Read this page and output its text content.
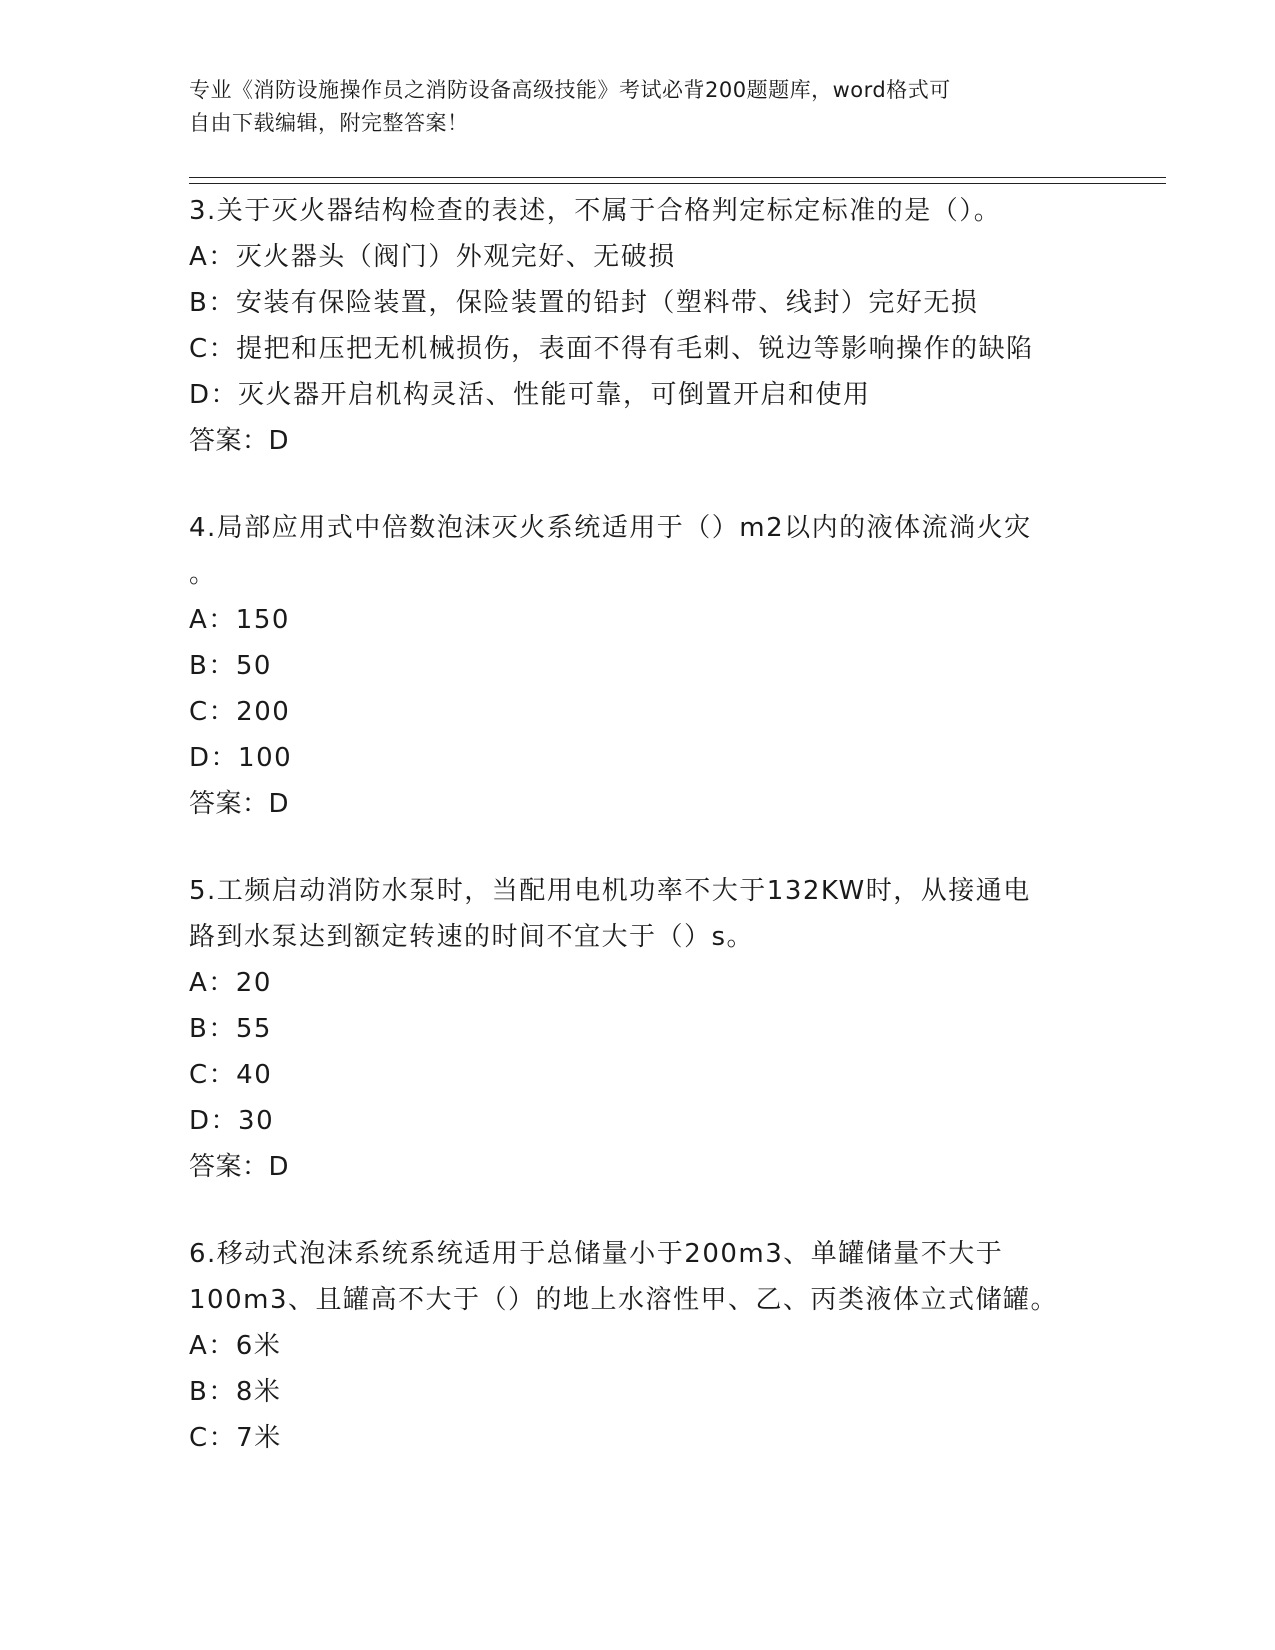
专业《消防设施操作员之消防设备高级技能》考试必背200题题库，word格式可
自由下载编辑，附完整答案！

3.关于灭火器结构检查的表述，不属于合格判定标定标准的是（）。

A：灭火器头（阀门）外观完好、无破损

B：安装有保险装置，保险装置的铅封（塑料带、线封）完好无损

C：提把和压把无机械损伤，表面不得有毛刺、锐边等影响操作的缺陷

D：灭火器开启机构灵活、性能可靠，可倒置开启和使用

答案：D

4.局部应用式中倍数泡沫灭火系统适用于（）m2以内的液体流淌火灾

。

A：150

B：50

C：200

D：100

答案：D

5.工频启动消防水泵时，当配用电机功率不大于132KW时，从接通电

路到水泵达到额定转速的时间不宜大于（）s。

A：20

B：55

C：40

D：30

答案：D

6.移动式泡沫系统系统适用于总储量小于200m3、单罐储量不大于

100m3、且罐高不大于（）的地上水溶性甲、乙、丙类液体立式储罐。

A：6米

B：8米

C：7米
